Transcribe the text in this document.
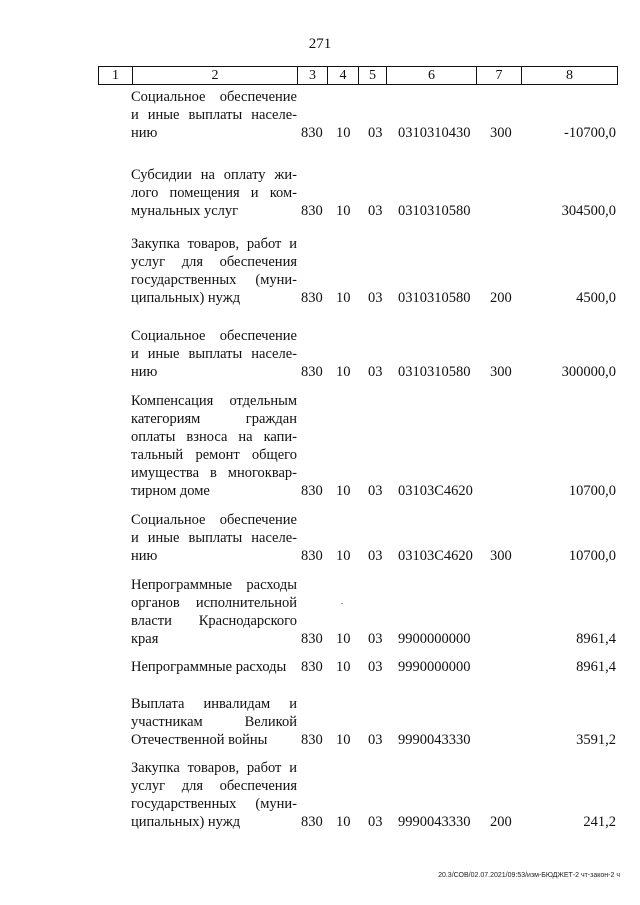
271
1	2	3	4	5	6	7	8
Социальное обеспечение
и иные выплаты населе-
нию	830 10 03 0310310430 300	-10700,0
Субсидии на оплату жи-
лого помещения и ком-
мунальных услуг	830 10 03 0310310580	304500,0
Закупка товаров, работ и
услуг для обеспечения
государственных (муни-
ципальных) нужд	830 10 03 0310310580 200	4500,0
Социальное обеспечение
и иные выплаты населе-
нию	830 10 03 0310310580 300	300000,0
Компенсация отдельным
категориям граждан
оплаты взноса на капи-
тальный ремонт общего
имущества в многоквар-
тирном доме	830 10 03 03103С4620	10700,0
Социальное обеспечение
и иные выплаты населе-
нию	830 10 03 03103С4620 300	10700,0
Непрограммные расходы
органов исполнительной
власти Краснодарского
края	830 10 03 9900000000	8961,4
Непрограммные расходы	830 10 03 9990000000	8961,4
Выплата инвалидам и
участникам Великой
Отечественной войны	830 10 03 9990043330	3591,2
Закупка товаров, работ и
услуг для обеспечения
государственных (муни-
ципальных) нужд	830 10 03 9990043330 200	241,2
20.3/СОВ/02.07.2021/09:53/изм-БЮДЖЕТ-2 чт-закон-2 ч
